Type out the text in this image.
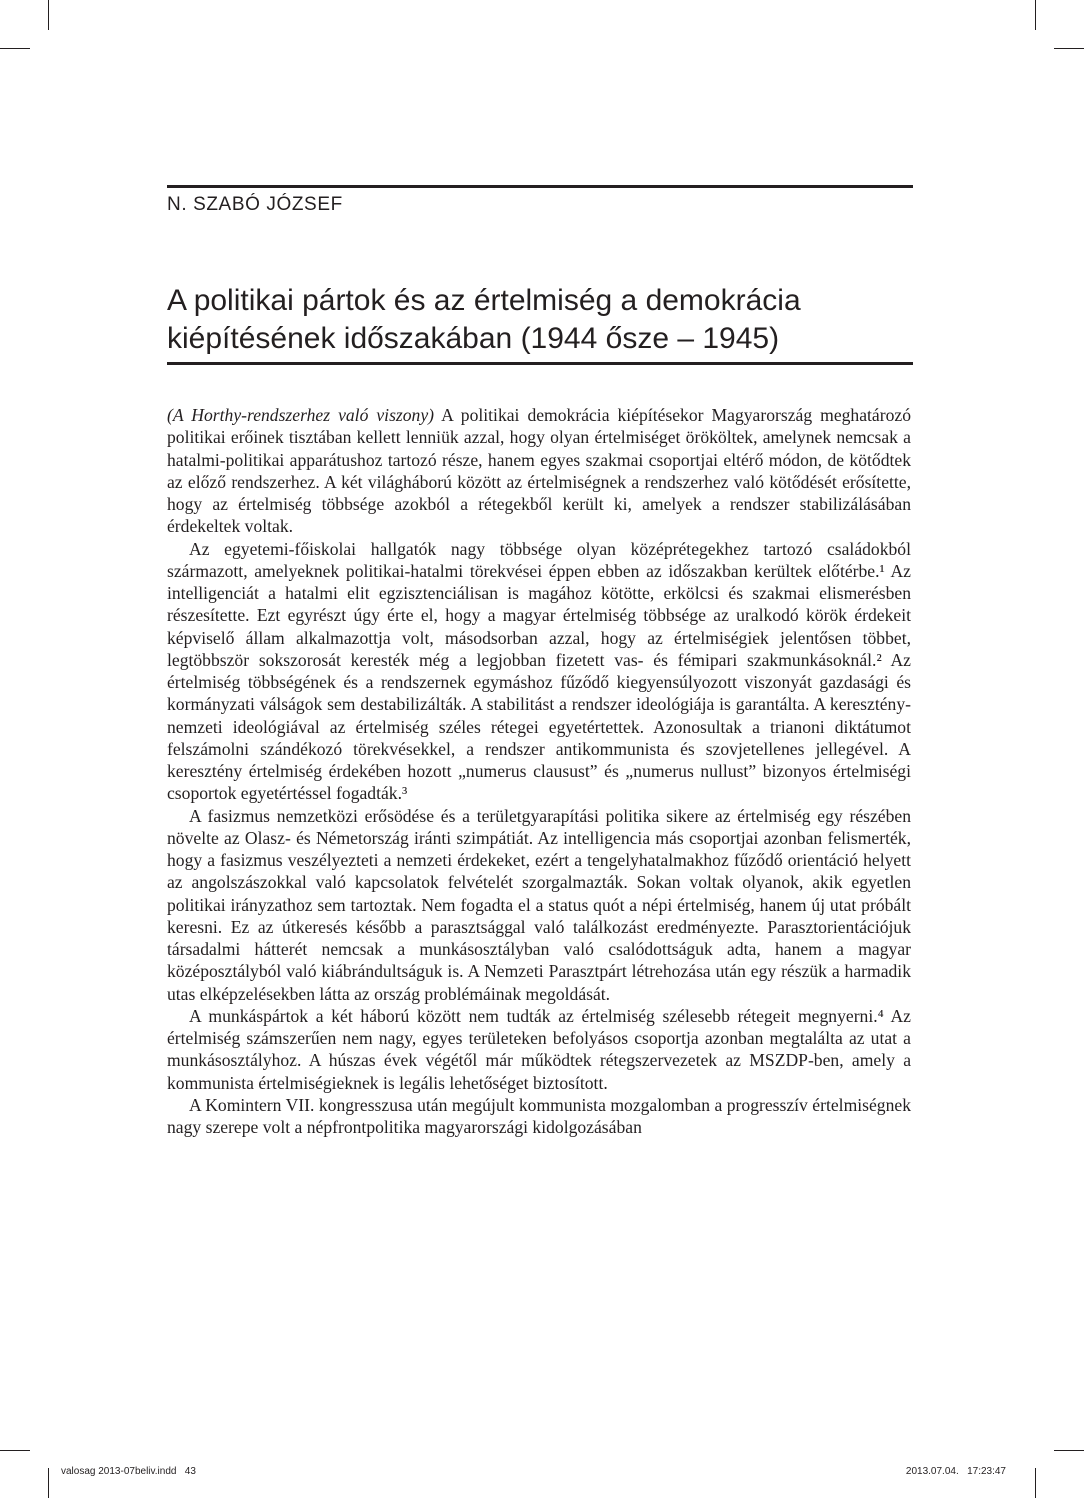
N. SZABÓ JÓZSEF
A politikai pártok és az értelmiség a demokrácia kiépítésének időszakában (1944 ősze – 1945)

(A Horthy-rendszerhez való viszony) A politikai demokrácia kiépítésekor Magyarország meghatározó politikai erőinek tisztában kellett lenniük azzal, hogy olyan értelmiséget örököltek, amelynek nemcsak a hatalmi-politikai apparátushoz tartozó része, hanem egyes szakmai csoportjai eltérő módon, de kötődtek az előző rendszerhez. A két világháború között az értelmiségnek a rendszerhez való kötődését erősítette, hogy az értelmiség többsége azokból a rétegekből került ki, amelyek a rendszer stabilizálásában érdekeltek voltak.

Az egyetemi-főiskolai hallgatók nagy többsége olyan középrétegekhez tartozó családokból származott, amelyeknek politikai-hatalmi törekvései éppen ebben az időszakban kerültek előtérbe.¹ Az intelligenciát a hatalmi elit egzisztenciálisan is magához kötötte, erkölcsi és szakmai elismerésben részesítette. Ezt egyrészt úgy érte el, hogy a magyar értelmiség többsége az uralkodó körök érdekeit képviselő állam alkalmazottja volt, másodsorban azzal, hogy az értelmiségiek jelentősen többet, legtöbbször sokszorosát keresték még a legjobban fizetett vas- és fémipari szakmunkásoknál.² Az értelmiség többségének és a rendszernek egymáshoz fűződő kiegyensúlyozott viszonyát gazdasági és kormányzati válságok sem destabilizálták. A stabilitást a rendszer ideológiája is garantálta. A keresztény-nemzeti ideológiával az értelmiség széles rétegei egyetértettek. Azonosultak a trianoni diktátumot felszámolni szándékozó törekvésekkel, a rendszer antikommunista és szovjetellenes jellegével. A keresztény értelmiség érdekében hozott „numerus clausust” és „numerus nullust” bizonyos értelmiségi csoportok egyetértéssel fogadták.³

A fasizmus nemzetközi erősödése és a területgyarapítási politika sikere az értelmiség egy részében növelte az Olasz- és Németország iránti szimpátiát. Az intelligencia más csoportjai azonban felismerték, hogy a fasizmus veszélyezteti a nemzeti érdekeket, ezért a tengelyhatalmakhoz fűződő orientáció helyett az angolszászokkal való kapcsolatok felvételét szorgalmazták. Sokan voltak olyanok, akik egyetlen politikai irányzathoz sem tartoztak. Nem fogadta el a status quót a népi értelmiség, hanem új utat próbált keresni. Ez az útkeresés később a parasztsággal való találkozást eredményezte. Parasztorientációjuk társadalmi hátterét nemcsak a munkásosztályban való csalódottságuk adta, hanem a magyar középosztályból való kiábrándultságuk is. A Nemzeti Parasztpárt létrehozása után egy részük a harmadik utas elképzelésekben látta az ország problémáinak megoldását.

A munkáspártok a két háború között nem tudták az értelmiség szélesebb rétegeit megnyerni.⁴ Az értelmiség számszerűen nem nagy, egyes területeken befolyásos csoportja azonban megtalálta az utat a munkásosztályhoz. A húszas évek végétől már működtek rétegszervezetek az MSZDP-ben, amely a kommunista értelmiségieknek is legális lehetőséget biztosított.

A Komintern VII. kongresszusa után megújult kommunista mozgalomban a progresszív értelmiségnek nagy szerepe volt a népfrontpolitika magyarországi kidolgozásában

valosag 2013-07beliv.indd   43	2013.07.04.   17:23:47
